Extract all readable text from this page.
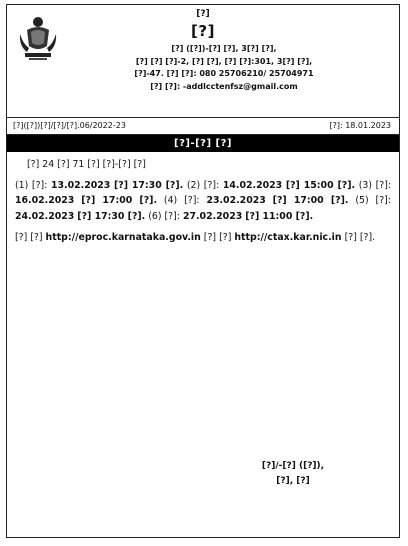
[?]
[?]
[?] ([?])-[?] [?], 3[?] [?],
[?] [?] [?]-2, [?] [?], [?] [?]:301, 3[?] [?],
[?]-47. [?] [?]: 080 25706210/ 25704971
[?] [?]: -addlcctenfsz@gmail.com
[?]([?])[?]/[?]/[?].06/2022-23	[?]: 18.01.2023
[?]-[?] [?]
[?] 24 [?] 71 [?] [?]-[?] [?]
(1) [?]: 13.02.2023 [?] 17:30 [?]. (2) [?]: 14.02.2023 [?] 15:00 [?]. (3) [?]: 16.02.2023 [?] 17:00 [?]. (4) [?]: 23.02.2023 [?] 17:00 [?]. (5) [?]: 24.02.2023 [?] 17:30 [?]. (6) [?]: 27.02.2023 [?] 11:00 [?].
[?] [?] http://eproc.karnataka.gov.in [?] [?] http://ctax.kar.nic.in [?] [?].
[?]/-[?] ([?]),
[?], [?]
